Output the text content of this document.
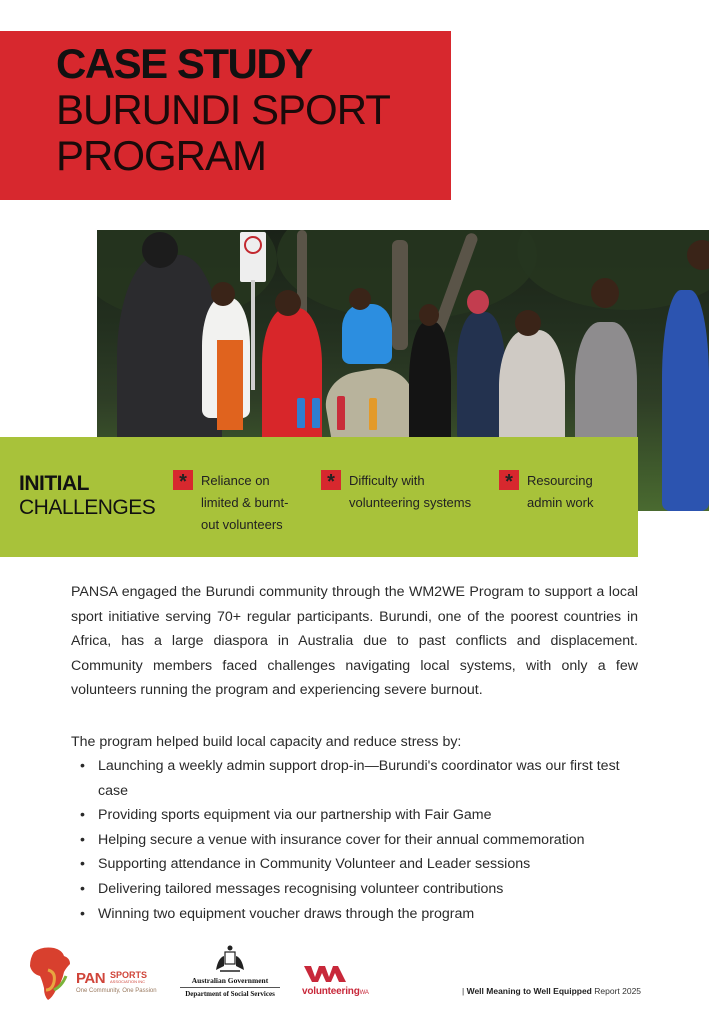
CASE STUDY
BURUNDI SPORT
PROGRAM
INITIAL
CHALLENGES
*	Reliance on limited & burnt-out volunteers
*	Difficulty with volunteering systems
*	Resourcing admin work

PANSA engaged the Burundi community through the WM2WE Program to support a local sport initiative serving 70+ regular participants. Burundi, one of the poorest countries in Africa, has a large diaspora in Australia due to past conflicts and displacement. Community members faced challenges navigating local systems, with only a few volunteers running the program and experiencing severe burnout.

The program helped build local capacity and reduce stress by:
• Launching a weekly admin support drop-in—Burundi's coordinator was our first test case
• Providing sports equipment via our partnership with Fair Game
• Helping secure a venue with insurance cover for their annual commemoration
• Supporting attendance in Community Volunteer and Leader sessions
• Delivering tailored messages recognising volunteer contributions
• Winning two equipment voucher draws through the program
PAN SPORTS
ASSOCIATION INC
One Community, One Passion
Australian Government
Department of Social Services	volunteeringWA	| Well Meaning to Well Equipped Report 2025
